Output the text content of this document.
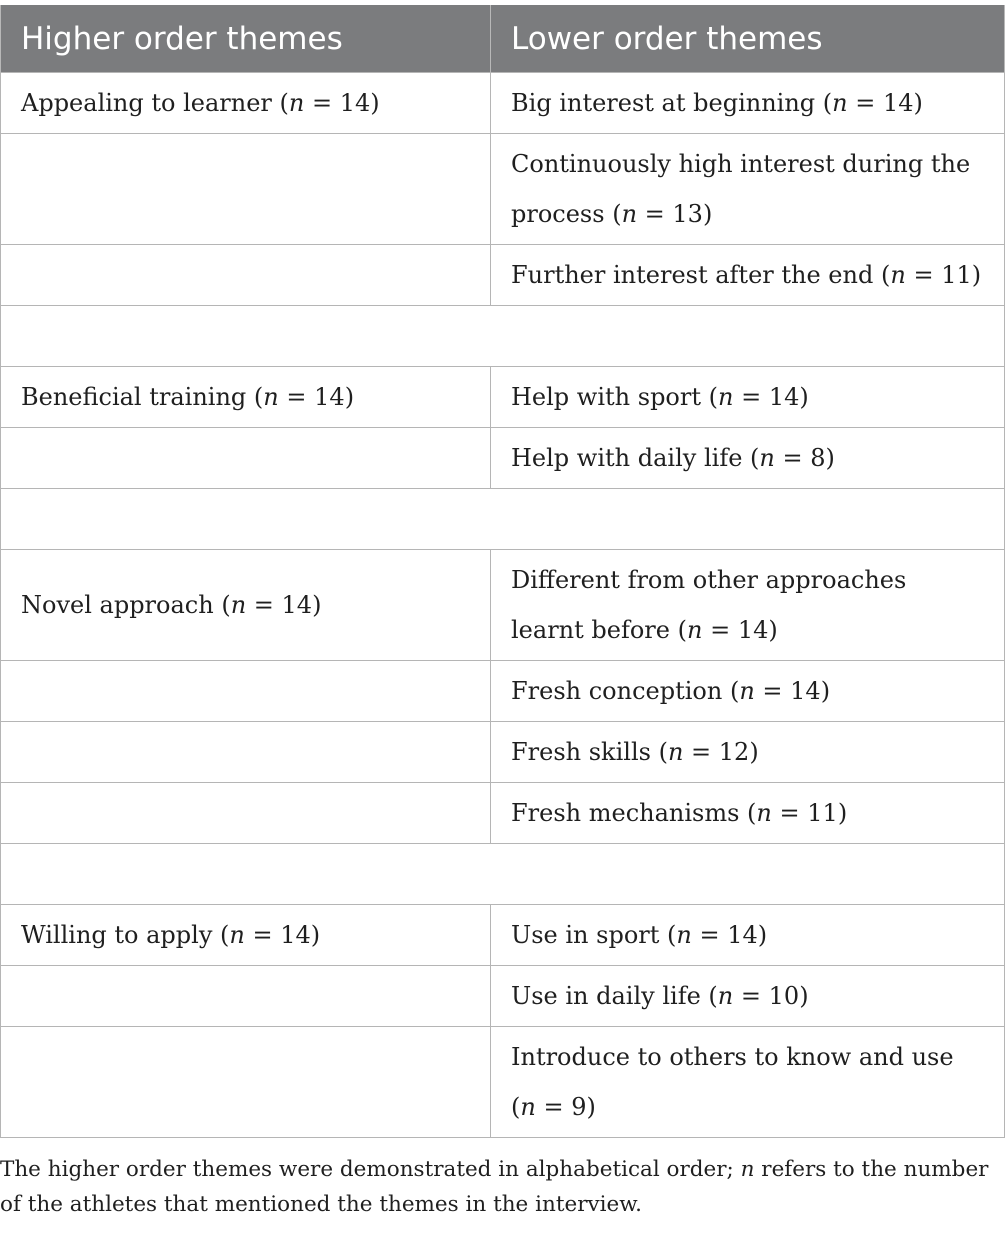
Higher order themes	Lower order themes
Appealing to learner (n = 14)	Big interest at beginning (n = 14)
	Continuously high interest during the process (n = 13)
	Further interest after the end (n = 11)

Beneficial training (n = 14)	Help with sport (n = 14)
	Help with daily life (n = 8)

Novel approach (n = 14)	Different from other approaches learnt before (n = 14)
	Fresh conception (n = 14)
	Fresh skills (n = 12)
	Fresh mechanisms (n = 11)

Willing to apply (n = 14)	Use in sport (n = 14)
	Use in daily life (n = 10)
	Introduce to others to know and use (n = 9)

The higher order themes were demonstrated in alphabetical order; n refers to the number of the athletes that mentioned the themes in the interview.
